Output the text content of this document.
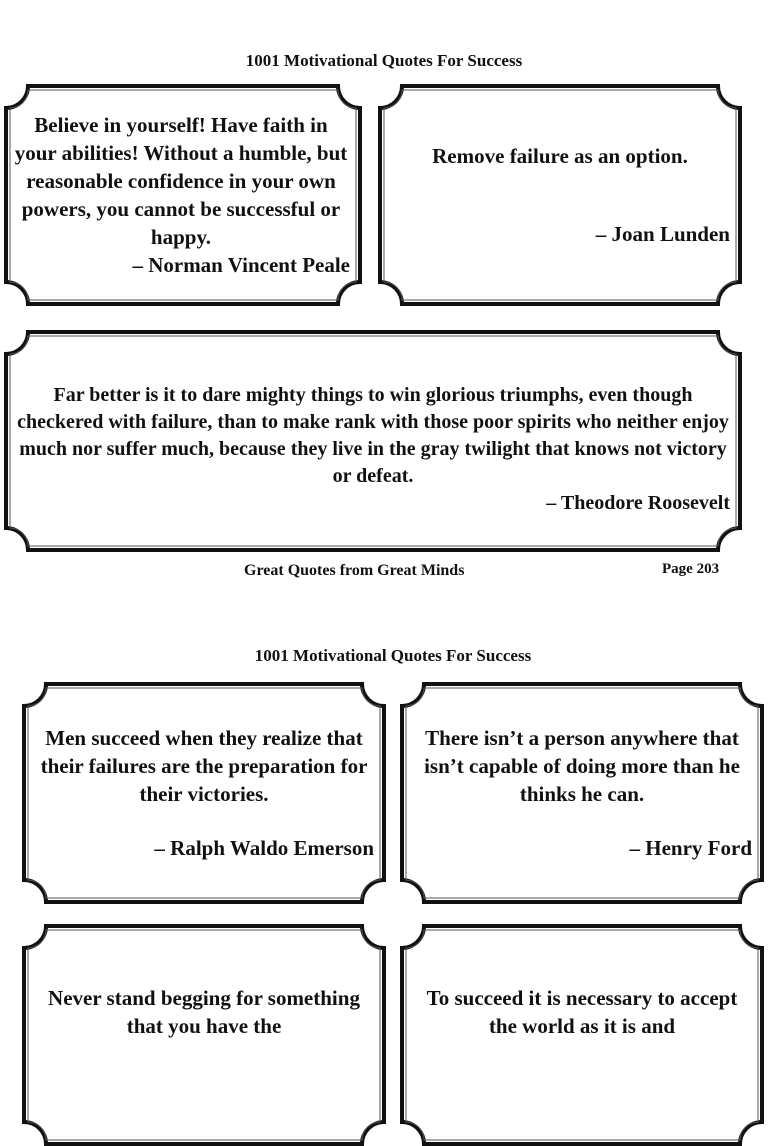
1001 Motivational Quotes For Success

Believe in yourself! Have faith in your abilities! Without a humble, but reasonable confidence in your own powers, you cannot be successful or happy.

– Norman Vincent Peale

Remove failure as an option.

– Joan Lunden

Far better is it to dare mighty things to win glorious triumphs, even though checkered with failure, than to make rank with those poor spirits who neither enjoy much nor suffer much, because they live in the gray twilight that knows not victory or defeat.

– Theodore Roosevelt

Great Quotes from Great Minds	Page 203
1001 Motivational Quotes For Success

Men succeed when they realize that their failures are the preparation for their victories.

– Ralph Waldo Emerson

There isn’t a person anywhere that isn’t capable of doing more than he thinks he can.

– Henry Ford

Never stand begging for something that you have the

To succeed it is necessary to accept the world as it is and
